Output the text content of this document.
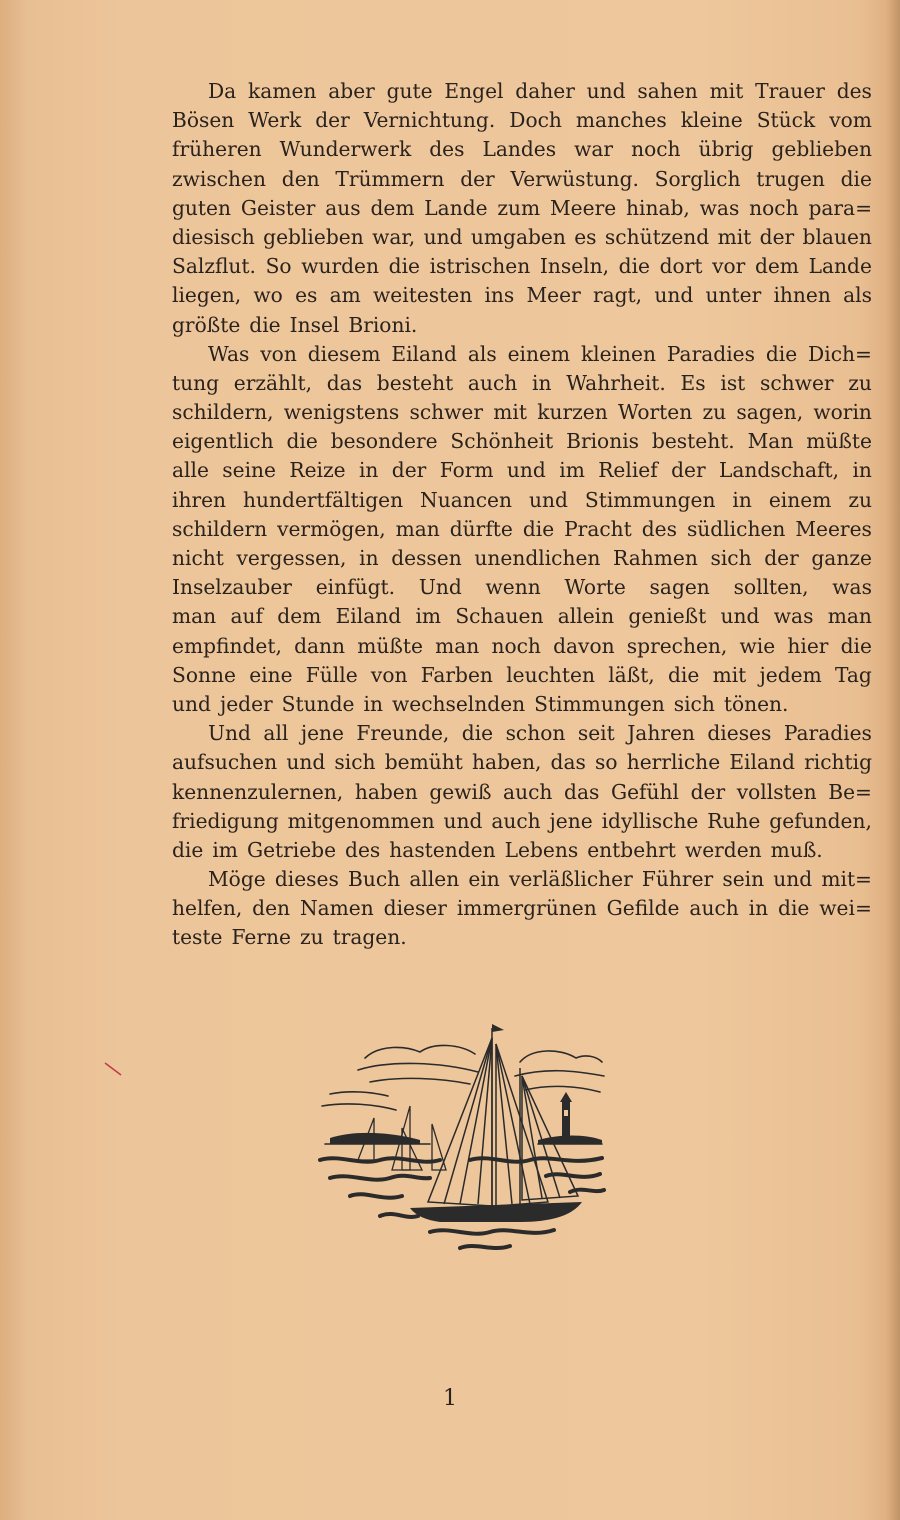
Da kamen aber gute Engel daher und sahen mit Trauer des
Bösen Werk der Vernichtung. Doch manches kleine Stück vom
früheren Wunderwerk des Landes war noch übrig geblieben
zwischen den Trümmern der Verwüstung. Sorglich trugen die
guten Geister aus dem Lande zum Meere hinab, was noch para=
diesisch geblieben war, und umgaben es schützend mit der blauen
Salzflut. So wurden die istrischen Inseln, die dort vor dem Lande
liegen, wo es am weitesten ins Meer ragt, und unter ihnen als
größte die Insel Brioni.
Was von diesem Eiland als einem kleinen Paradies die Dich=
tung erzählt, das besteht auch in Wahrheit. Es ist schwer zu
schildern, wenigstens schwer mit kurzen Worten zu sagen, worin
eigentlich die besondere Schönheit Brionis besteht. Man müßte
alle seine Reize in der Form und im Relief der Landschaft, in
ihren hundertfältigen Nuancen und Stimmungen in einem zu
schildern vermögen, man dürfte die Pracht des südlichen Meeres
nicht vergessen, in dessen unendlichen Rahmen sich der ganze
Inselzauber einfügt. Und wenn Worte sagen sollten, was
man auf dem Eiland im Schauen allein genießt und was man
empfindet, dann müßte man noch davon sprechen, wie hier die
Sonne eine Fülle von Farben leuchten läßt, die mit jedem Tag
und jeder Stunde in wechselnden Stimmungen sich tönen.
Und all jene Freunde, die schon seit Jahren dieses Paradies
aufsuchen und sich bemüht haben, das so herrliche Eiland richtig
kennenzulernen, haben gewiß auch das Gefühl der vollsten Be=
friedigung mitgenommen und auch jene idyllische Ruhe gefunden,
die im Getriebe des hastenden Lebens entbehrt werden muß.
Möge dieses Buch allen ein verläßlicher Führer sein und mit=
helfen, den Namen dieser immergrünen Gefilde auch in die wei=
teste Ferne zu tragen.
1
